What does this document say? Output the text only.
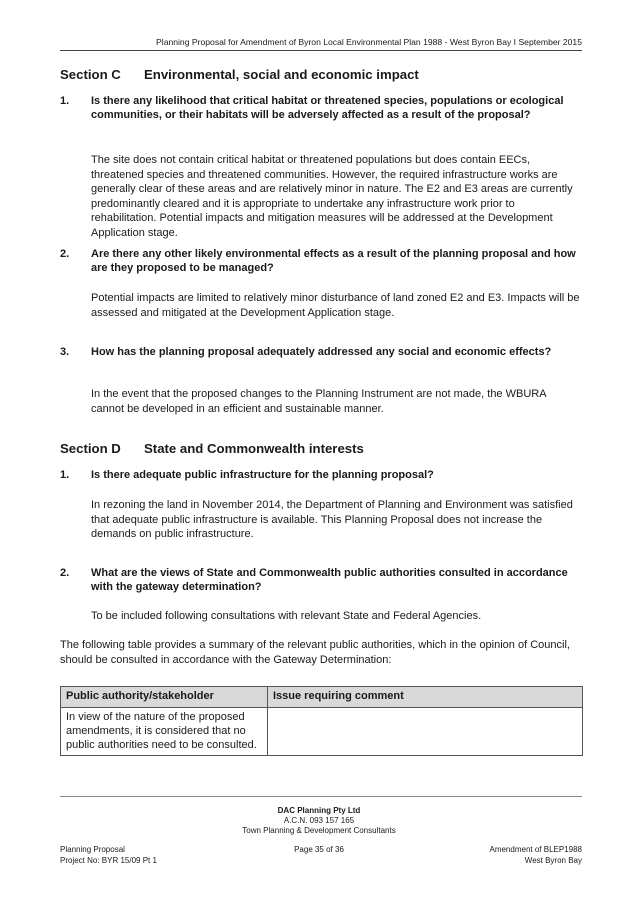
Planning Proposal for Amendment of Byron Local Environmental Plan 1988 - West Byron Bay I September 2015
Section C Environmental, social and economic impact
1. Is there any likelihood that critical habitat or threatened species, populations or ecological communities, or their habitats will be adversely affected as a result of the proposal?
The site does not contain critical habitat or threatened populations but does contain EECs, threatened species and threatened communities. However, the required infrastructure works are generally clear of these areas and are relatively minor in nature. The E2 and E3 areas are currently predominantly cleared and it is appropriate to undertake any infrastructure work prior to rehabilitation. Potential impacts and mitigation measures will be addressed at the Development Application stage.
2. Are there any other likely environmental effects as a result of the planning proposal and how are they proposed to be managed?
Potential impacts are limited to relatively minor disturbance of land zoned E2 and E3. Impacts will be assessed and mitigated at the Development Application stage.
3. How has the planning proposal adequately addressed any social and economic effects?
In the event that the proposed changes to the Planning Instrument are not made, the WBURA cannot be developed in an efficient and sustainable manner.
Section D State and Commonwealth interests
1. Is there adequate public infrastructure for the planning proposal?
In rezoning the land in November 2014, the Department of Planning and Environment was satisfied that adequate public infrastructure is available. This Planning Proposal does not increase the demands on public infrastructure.
2. What are the views of State and Commonwealth public authorities consulted in accordance with the gateway determination?
To be included following consultations with relevant State and Federal Agencies.
The following table provides a summary of the relevant public authorities, which in the opinion of Council, should be consulted in accordance with the Gateway Determination:
Public authority/stakeholder	Issue requiring comment
In view of the nature of the proposed amendments, it is considered that no public authorities need to be consulted.	
DAC Planning Pty Ltd
A.C.N. 093 157 165
Town Planning & Development Consultants
Planning Proposal
Project No: BYR 15/09 Pt 1
Page 35 of 36	Amendment of BLEP1988
West Byron Bay
